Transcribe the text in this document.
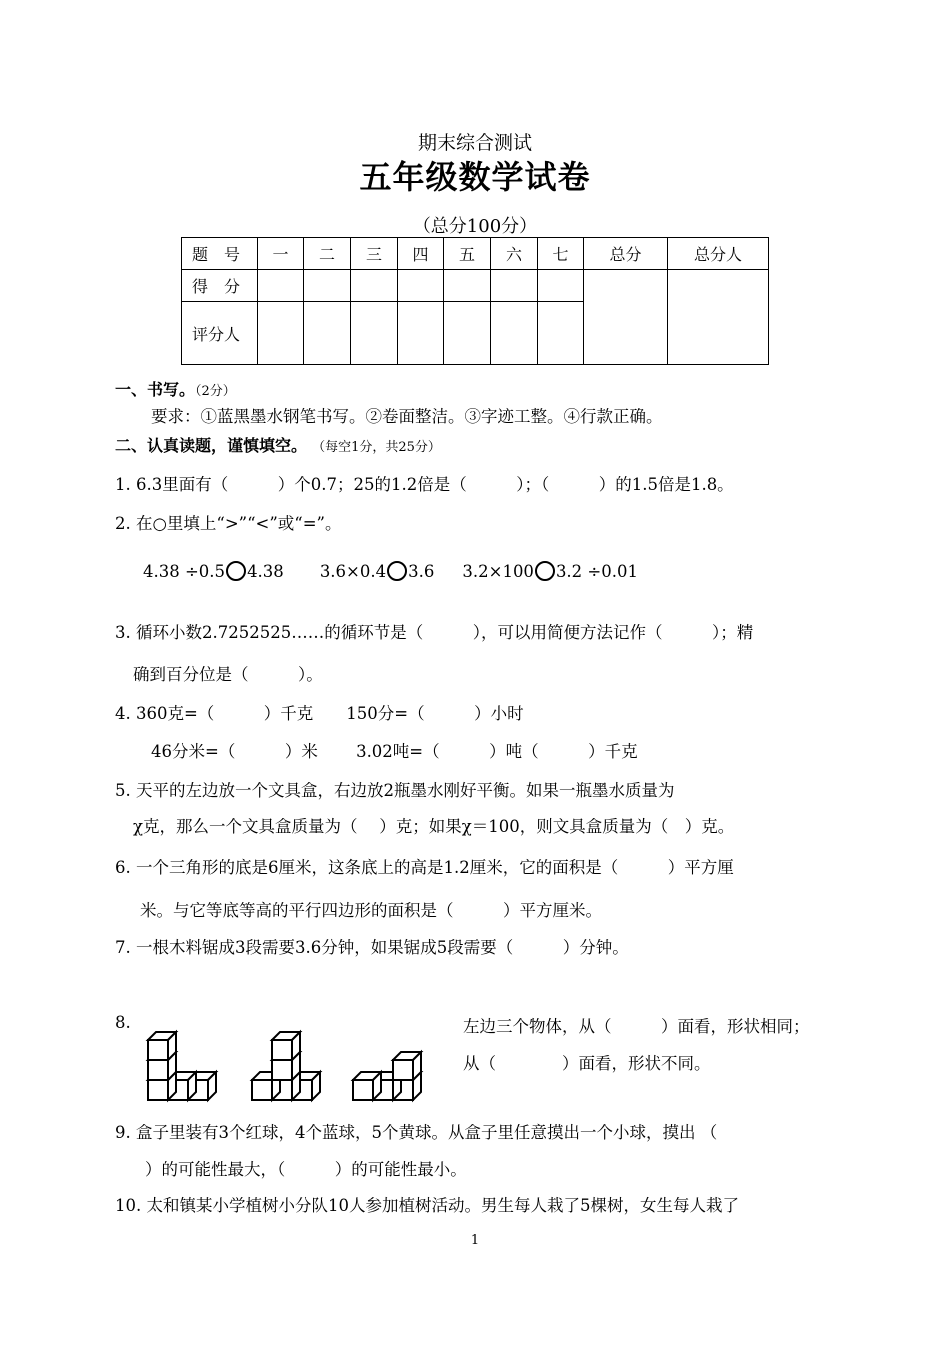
期末综合测试
五年级数学试卷
（总分100分）
题　号	一	二	三	四	五	六	七	总分	总分人
得　分									
评分人									
一、书写。（2分）
要求：①蓝黑墨水钢笔书写。②卷面整洁。③字迹工整。④行款正确。
二、认真读题，谨慎填空。 （每空1分，共25分）
1. 6.3里面有（　　　）个0.7；25的1.2倍是（　　　）；（　　　）的1.5倍是1.8。
2. 在○里填上“>”“<”或“=”。
4.38 ÷0.5 4.38 3.6×0.4 3.6 3.2×100 3.2 ÷0.01
3. 循环小数2.7252525……的循环节是（　　　），可以用简便方法记作（　　　）；精
确到百分位是（　　　）。
4. 360克=（　　　）千克　　150分=（　　　）小时
46分米=（　　　）米　　 3.02吨=（　　　）吨（　　　）千克
5. 天平的左边放一个文具盒，右边放2瓶墨水刚好平衡。如果一瓶墨水质量为
χ克，那么一个文具盒质量为（　 ）克；如果χ＝100，则文具盒质量为（　）克。
6. 一个三角形的底是6厘米，这条底上的高是1.2厘米，它的面积是（　　　）平方厘
米。与它等底等高的平行四边形的面积是（　　　）平方厘米。
7. 一根木料锯成3段需要3.6分钟，如果锯成5段需要（　　　）分钟。
8.	左边三个物体，从（　　　）面看，形状相同；
从（　　　　）面看，形状不同。
9. 盒子里装有3个红球，4个蓝球，5个黄球。从盒子里任意摸出一个小球，摸出 （
）的可能性最大，（　　　）的可能性最小。
10. 太和镇某小学植树小分队10人参加植树活动。男生每人栽了5棵树，女生每人栽了
1
